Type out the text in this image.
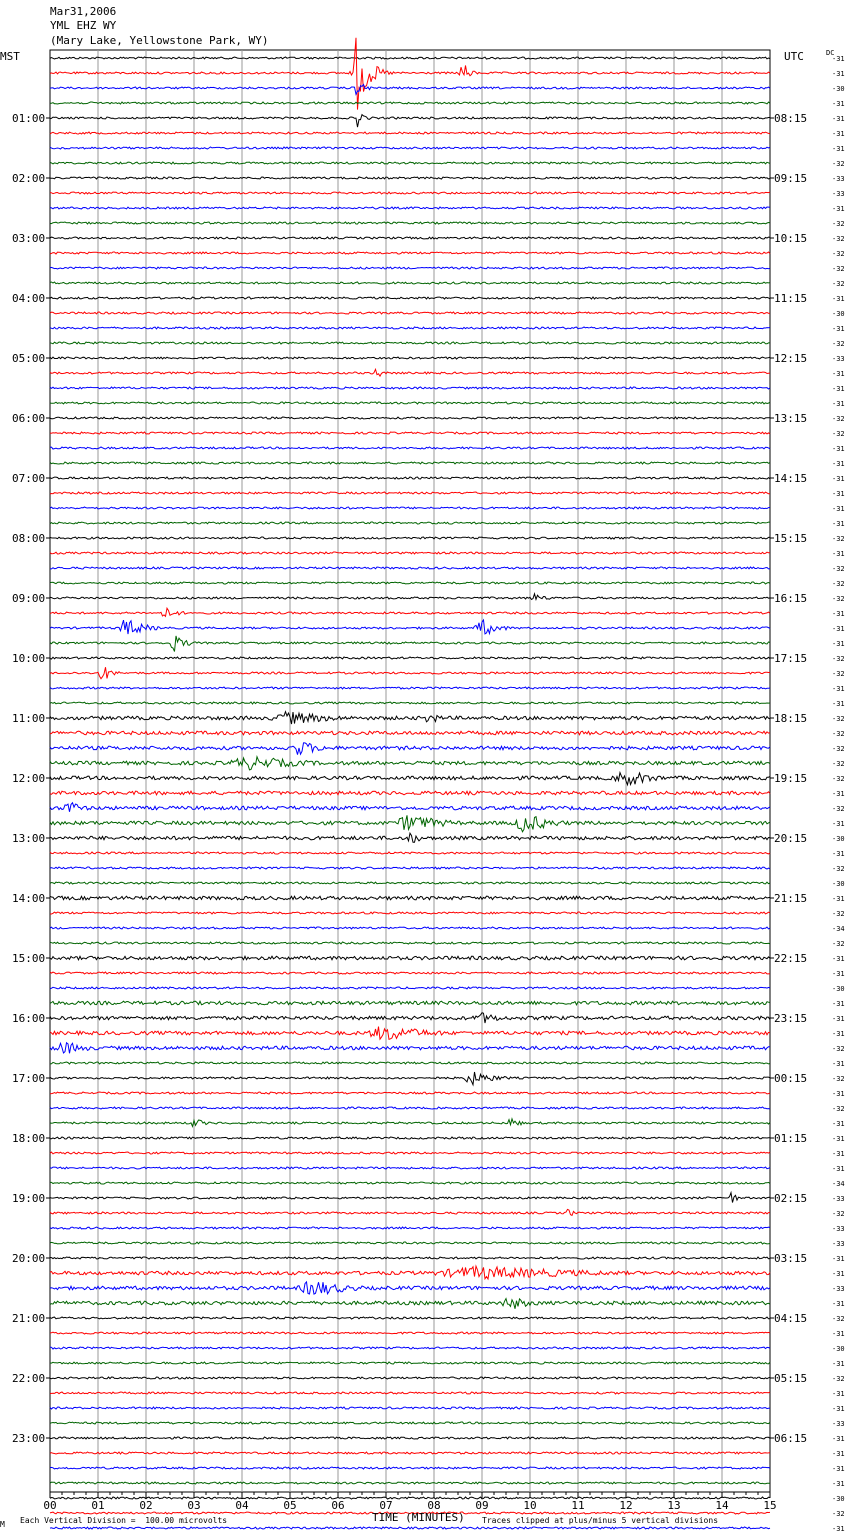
Mar31,2006
YML EHZ WY
(Mary Lake, Yellowstone Park, WY)
MST	UTC	DC
00	01	02	03	04	05	06	07	08	09	10	11	12	13	14	15
01:00
02:00
03:00
04:00
05:00
06:00
07:00
08:00
09:00
10:00
11:00
12:00
13:00
14:00
15:00
16:00
17:00
18:00
19:00
20:00
21:00
22:00
23:00
08:15
09:15
10:15
11:15
12:15
13:15
14:15
15:15
16:15
17:15
18:15
19:15
20:15
21:15
22:15
23:15
00:15
01:15
02:15
03:15
04:15
05:15
06:15
-31
-31
-30
-31
-31
-31
-31
-32
-33
-33
-31
-32
-32
-32
-32
-32
-31
-30
-31
-32
-33
-31
-31
-31
-32
-32
-31
-31
-31
-31
-31
-31
-32
-31
-32
-32
-32
-31
-31
-31
-32
-32
-31
-31
-32
-32
-32
-32
-32
-31
-32
-31
-30
-31
-32
-30
-31
-32
-34
-32
-31
-31
-30
-31
-31
-31
-32
-31
-32
-31
-32
-31
-31
-31
-31
-34
-33
-32
-33
-33
-31
-31
-33
-31
-32
-31
-30
-31
-32
-31
-31
-33
-31
-31
-31
-31
-30
-32
-31
M Each Vertical Division =  100.00 microvolts	TIME (MINUTES) Traces clipped at plus/minus 5 vertical divisions
